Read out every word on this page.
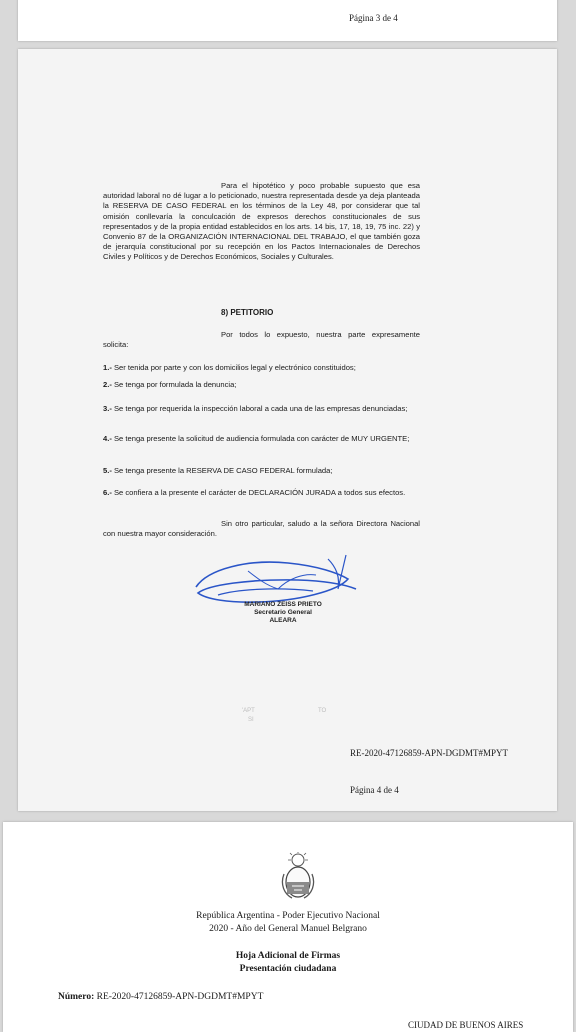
Página 3 de 4
Para el hipotético y poco probable supuesto que esa autoridad laboral no dé lugar a lo peticionado, nuestra representada desde ya deja planteada la RESERVA DE CASO FEDERAL en los términos de la Ley 48, por considerar que tal omisión conllevaría la conculcación de expresos derechos constitucionales de sus representados y de la propia entidad establecidos en los arts. 14 bis, 17, 18, 19, 75 inc. 22) y Convenio 87 de la ORGANIZACIÓN INTERNACIONAL DEL TRABAJO, el que también goza de jerarquía constitucional por su recepción en los Pactos Internacionales de Derechos Civiles y Políticos y de Derechos Económicos, Sociales y Culturales.
8) PETITORIO
Por todos lo expuesto, nuestra parte expresamente solicita:
1.- Ser tenida por parte y con los domicilios legal y electrónico constituidos;
2.- Se tenga por formulada la denuncia;
3.- Se tenga por requerida la inspección laboral a cada una de las empresas denunciadas;
4.- Se tenga presente la solicitud de audiencia formulada con carácter de MUY URGENTE;
5.- Se tenga presente la RESERVA DE CASO FEDERAL formulada;
6.- Se confiera a la presente el carácter de DECLARACIÓN JURADA a todos sus efectos.
Sin otro particular, saludo a la señora Directora Nacional con nuestra mayor consideración.
MARIANO ZEISS PRIETO
Secretario General
ALEARA
'APT	TO
SI
RE-2020-47126859-APN-DGDMT#MPYT
Página 4 de 4
República Argentina - Poder Ejecutivo Nacional
2020 - Año del General Manuel Belgrano
Hoja Adicional de Firmas
Presentación ciudadana
Número: RE-2020-47126859-APN-DGDMT#MPYT
CIUDAD DE BUENOS AIRES
